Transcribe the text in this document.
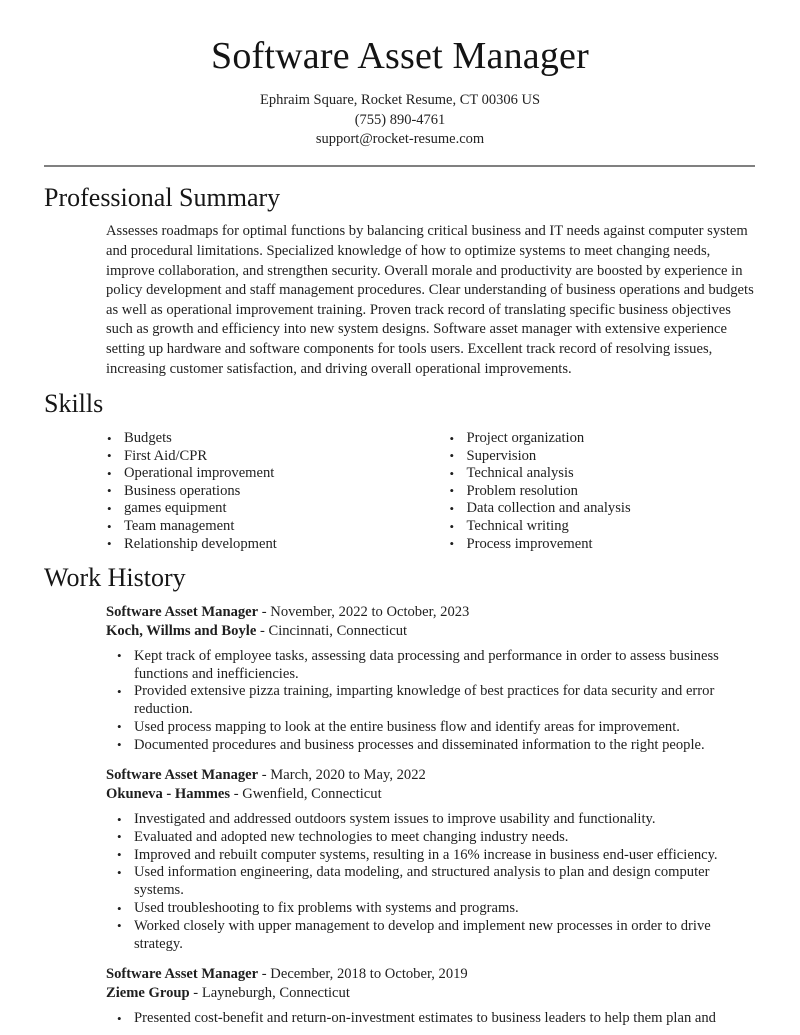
Software Asset Manager
Ephraim Square, Rocket Resume, CT 00306 US
(755) 890-4761
support@rocket-resume.com
Professional Summary

Assesses roadmaps for optimal functions by balancing critical business and IT needs against computer system and procedural limitations. Specialized knowledge of how to optimize systems to meet changing needs, improve collaboration, and strengthen security. Overall morale and productivity are boosted by experience in policy development and staff management procedures. Clear understanding of business operations and budgets as well as operational improvement training. Proven track record of translating specific business objectives such as growth and efficiency into new system designs. Software asset manager with extensive experience setting up hardware and software components for tools users. Excellent track record of resolving issues, increasing customer satisfaction, and driving overall operational improvements.

Skills
• Budgets
• First Aid/CPR
• Operational improvement
• Business operations
• games equipment
• Team management
• Relationship development
• Project organization
• Supervision
• Technical analysis
• Problem resolution
• Data collection and analysis
• Technical writing
• Process improvement
Work History
Software Asset Manager - November, 2022 to October, 2023
Koch, Willms and Boyle - Cincinnati, Connecticut
• Kept track of employee tasks, assessing data processing and performance in order to assess business functions and inefficiencies.
• Provided extensive pizza training, imparting knowledge of best practices for data security and error reduction.
• Used process mapping to look at the entire business flow and identify areas for improvement.
• Documented procedures and business processes and disseminated information to the right people.
Software Asset Manager - March, 2020 to May, 2022
Okuneva - Hammes - Gwenfield, Connecticut
• Investigated and addressed outdoors system issues to improve usability and functionality.
• Evaluated and adopted new technologies to meet changing industry needs.
• Improved and rebuilt computer systems, resulting in a 16% increase in business end-user efficiency.
• Used information engineering, data modeling, and structured analysis to plan and design computer systems.
• Used troubleshooting to fix problems with systems and programs.
• Worked closely with upper management to develop and implement new processes in order to drive strategy.
Software Asset Manager - December, 2018 to October, 2019
Zieme Group - Layneburgh, Connecticut
• Presented cost-benefit and return-on-investment estimates to business leaders to help them plan and
